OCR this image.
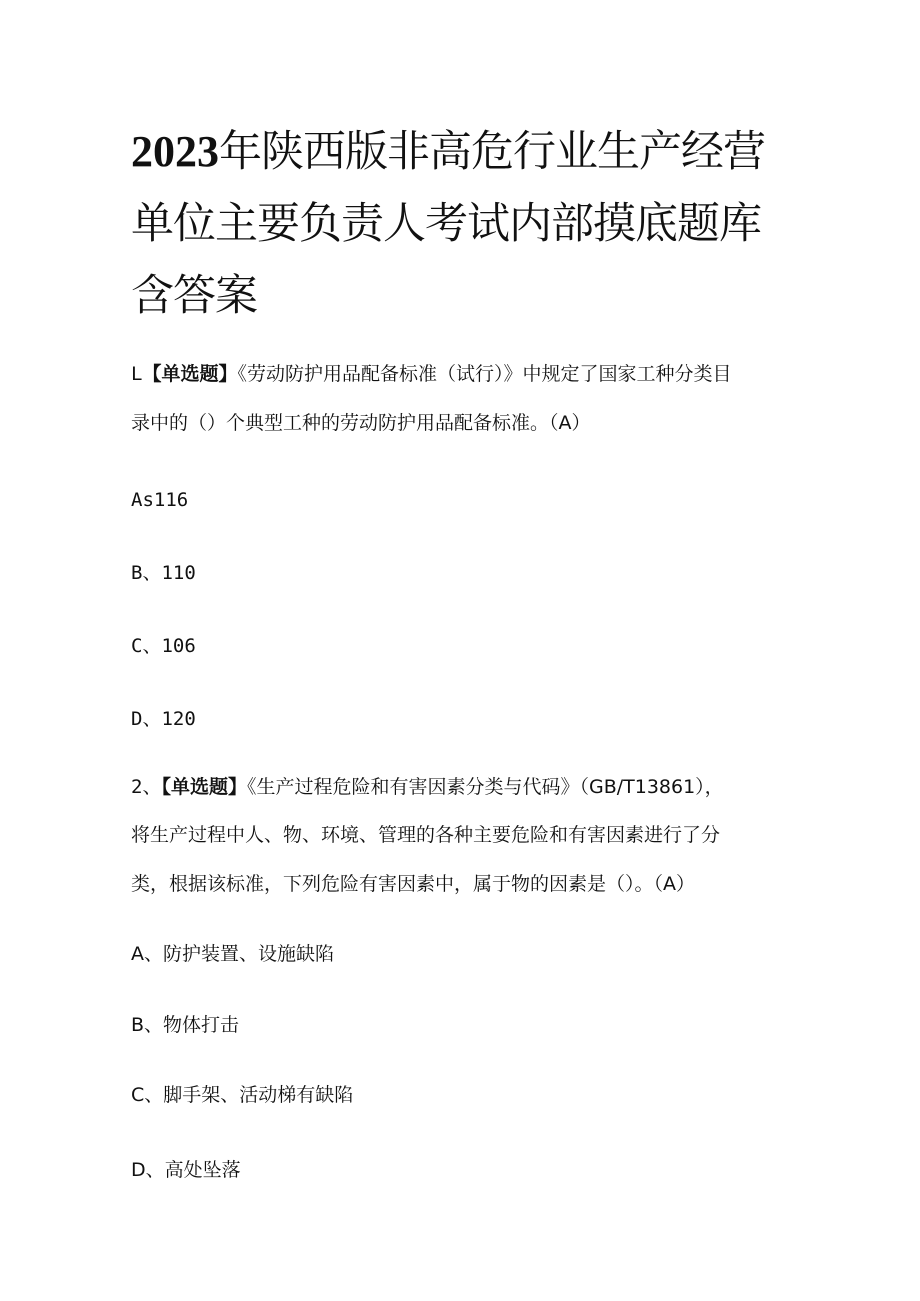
2023年陕西版非高危行业生产经营
单位主要负责人考试内部摸底题库
含答案

L【单选题】《劳动防护用品配备标准（试行）》中规定了国家工种分类目

录中的（）个典型工种的劳动防护用品配备标准。（A）

As116

B、110

C、106

D、120

2、【单选题】《生产过程危险和有害因素分类与代码》（GB/T13861），

将生产过程中人、物、环境、管理的各种主要危险和有害因素进行了分

类，根据该标准，下列危险有害因素中，属于物的因素是（）。（A）

A、防护装置、设施缺陷

B、物体打击

C、脚手架、活动梯有缺陷

D、高处坠落
